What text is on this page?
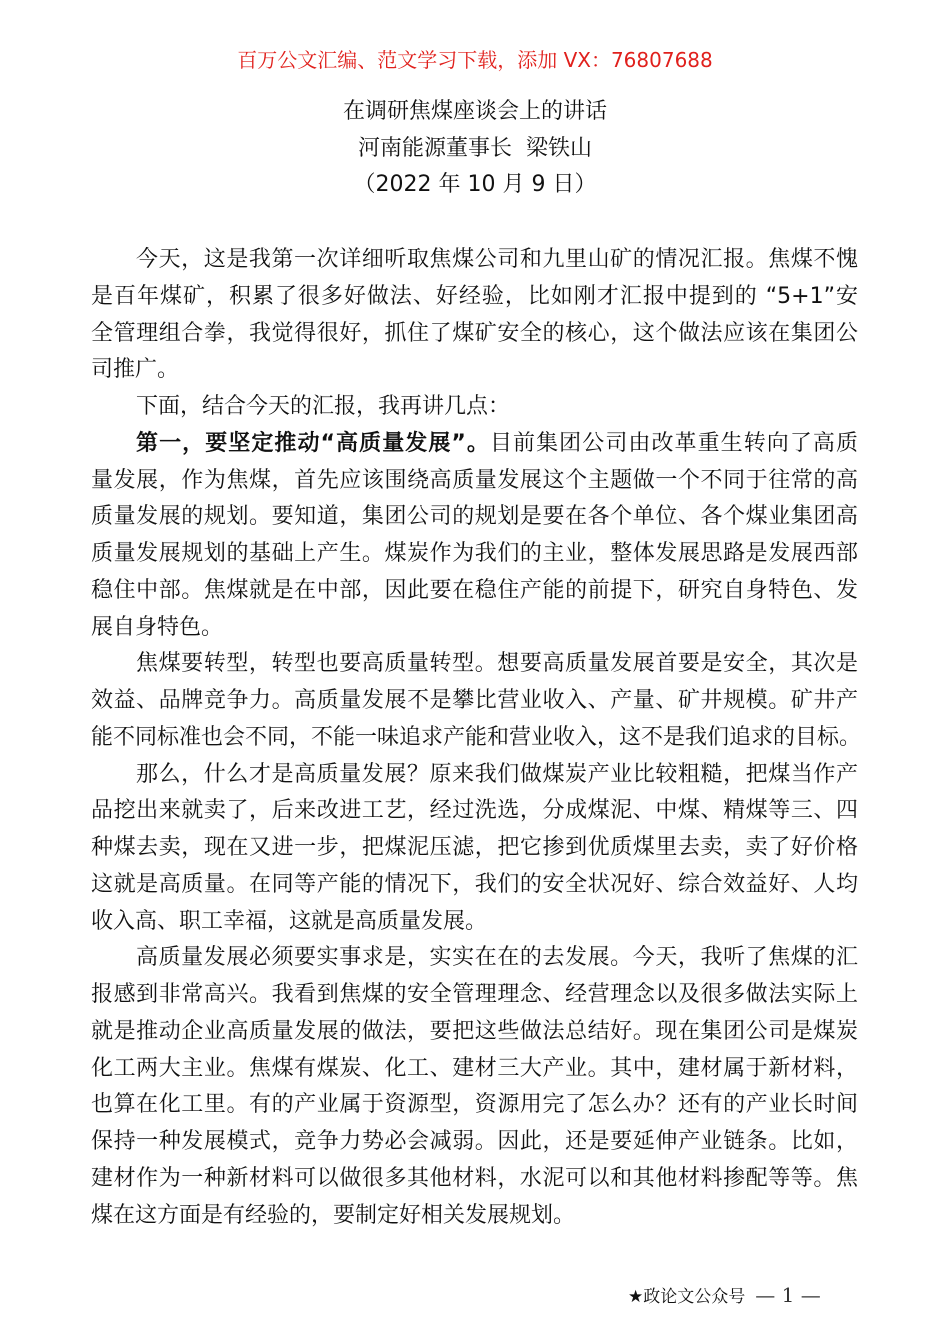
百万公文汇编、范文学习下载，添加 VX：76807688
在调研焦煤座谈会上的讲话
河南能源董事长  梁铁山
（2022 年 10 月 9 日）
今天，这是我第一次详细听取焦煤公司和九里山矿的情况汇报。焦煤不愧
是百年煤矿，积累了很多好做法、好经验，比如刚才汇报中提到的 “5+1”安
全管理组合拳，我觉得很好，抓住了煤矿安全的核心，这个做法应该在集团公
司推广。
下面，结合今天的汇报，我再讲几点：
第一，要坚定推动“高质量发展”。目前集团公司由改革重生转向了高质
量发展，作为焦煤，首先应该围绕高质量发展这个主题做一个不同于往常的高
质量发展的规划。要知道，集团公司的规划是要在各个单位、各个煤业集团高
质量发展规划的基础上产生。煤炭作为我们的主业，整体发展思路是发展西部
稳住中部。焦煤就是在中部，因此要在稳住产能的前提下，研究自身特色、发
展自身特色。
焦煤要转型，转型也要高质量转型。想要高质量发展首要是安全，其次是
效益、品牌竞争力。高质量发展不是攀比营业收入、产量、矿井规模。矿井产
能不同标准也会不同，不能一味追求产能和营业收入，这不是我们追求的目标。
那么，什么才是高质量发展？原来我们做煤炭产业比较粗糙，把煤当作产
品挖出来就卖了，后来改进工艺，经过洗选，分成煤泥、中煤、精煤等三、四
种煤去卖，现在又进一步，把煤泥压滤，把它掺到优质煤里去卖，卖了好价格
这就是高质量。在同等产能的情况下，我们的安全状况好、综合效益好、人均
收入高、职工幸福，这就是高质量发展。
高质量发展必须要实事求是，实实在在的去发展。今天，我听了焦煤的汇
报感到非常高兴。我看到焦煤的安全管理理念、经营理念以及很多做法实际上
就是推动企业高质量发展的做法，要把这些做法总结好。现在集团公司是煤炭
化工两大主业。焦煤有煤炭、化工、建材三大产业。其中，建材属于新材料，
也算在化工里。有的产业属于资源型，资源用完了怎么办？还有的产业长时间
保持一种发展模式，竞争力势必会减弱。因此，还是要延伸产业链条。比如，
建材作为一种新材料可以做很多其他材料，水泥可以和其他材料掺配等等。焦
煤在这方面是有经验的，要制定好相关发展规划。
★政论文公众号 — 1 —
